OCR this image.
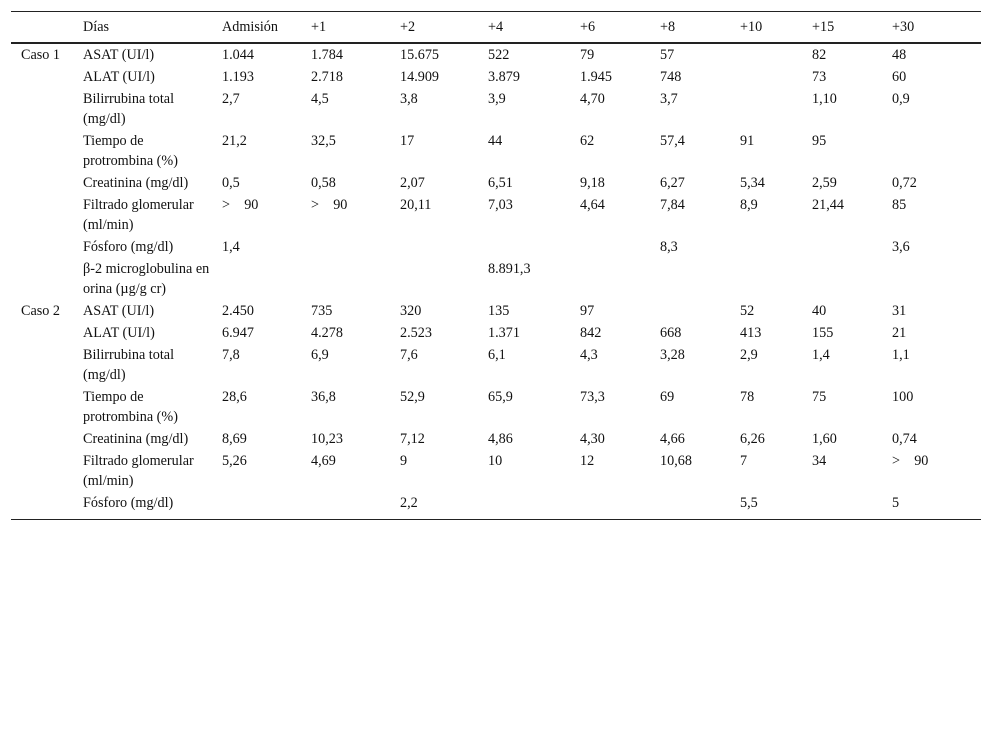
	Días	Admisión	+1	+2	+4	+6	+8	+10	+15	+30
Caso 1	ASAT (UI/l)	1.044	1.784	15.675	522	79	57		82	48
	ALAT (UI/l)	1.193	2.718	14.909	3.879	1.945	748		73	60
	Bilirrubina total (mg/dl)	2,7	4,5	3,8	3,9	4,70	3,7		1,10	0,9
	Tiempo de protrombina (%)	21,2	32,5	17	44	62	57,4	91	95	
	Creatinina (mg/dl)	0,5	0,58	2,07	6,51	9,18	6,27	5,34	2,59	0,72
	Filtrado glomerular (ml/min)	>    90	>    90	20,11	7,03	4,64	7,84	8,9	21,44	85
	Fósforo (mg/dl)	1,4					8,3			3,6
	β-2 microglobulina en orina (µg/g cr)				8.891,3					
Caso 2	ASAT (UI/l)	2.450	735	320	135	97		52	40	31
	ALAT (UI/l)	6.947	4.278	2.523	1.371	842	668	413	155	21
	Bilirrubina total (mg/dl)	7,8	6,9	7,6	6,1	4,3	3,28	2,9	1,4	1,1
	Tiempo de protrombina (%)	28,6	36,8	52,9	65,9	73,3	69	78	75	100
	Creatinina (mg/dl)	8,69	10,23	7,12	4,86	4,30	4,66	6,26	1,60	0,74
	Filtrado glomerular (ml/min)	5,26	4,69	9	10	12	10,68	7	34	>    90
	Fósforo (mg/dl)			2,2				5,5		5
